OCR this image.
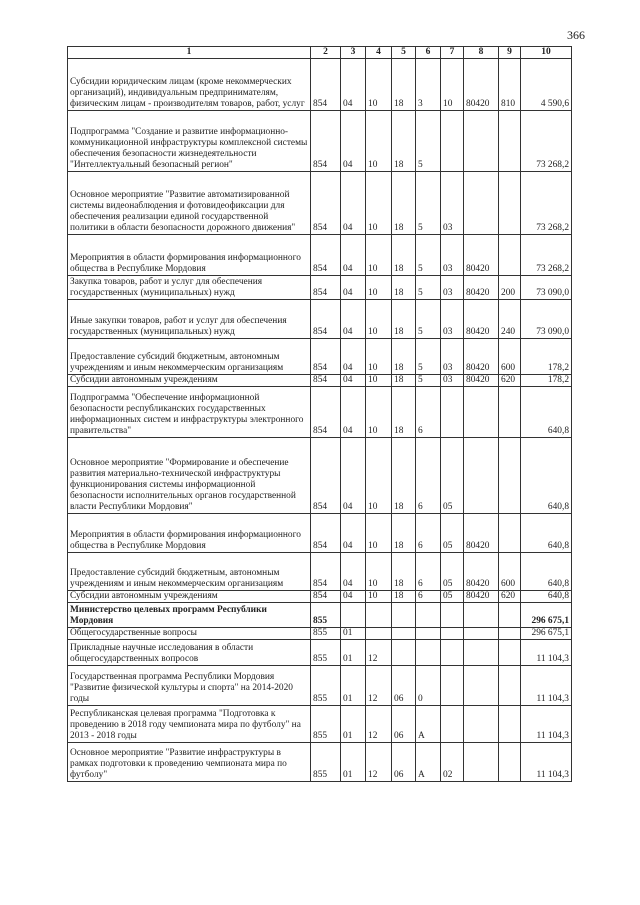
366
1	2	3	4	5	6	7	8	9	10
Субсидии юридическим лицам (кроме некоммерческих организаций), индивидуальным предпринимателям, физическим лицам - производителям товаров, работ, услуг	854	04	10	18	3	10	80420	810	4 590,6
Подпрограмма "Создание и развитие информационно-коммуникационной инфраструктуры комплексной системы обеспечения безопасности жизнедеятельности "Интеллектуальный безопасный регион"	854	04	10	18	5				73 268,2
Основное мероприятие "Развитие автоматизированной системы видеонаблюдения и фотовидеофиксации для обеспечения реализации единой государственной политики в области безопасности дорожного движения"	854	04	10	18	5	03			73 268,2
Мероприятия в области формирования информационного общества в Республике Мордовия	854	04	10	18	5	03	80420		73 268,2
Закупка товаров, работ и услуг для обеспечения государственных (муниципальных) нужд	854	04	10	18	5	03	80420	200	73 090,0
Иные закупки товаров, работ и услуг для обеспечения государственных (муниципальных) нужд	854	04	10	18	5	03	80420	240	73 090,0
Предоставление субсидий бюджетным, автономным учреждениям и иным некоммерческим организациям	854	04	10	18	5	03	80420	600	178,2
Субсидии автономным учреждениям	854	04	10	18	5	03	80420	620	178,2
Подпрограмма "Обеспечение информационной безопасности республиканских государственных информационных систем и инфраструктуры электронного правительства"	854	04	10	18	6				640,8
Основное мероприятие "Формирование и обеспечение развития материально-технической инфраструктуры функционирования системы информационной безопасности исполнительных органов государственной власти Республики Мордовия"	854	04	10	18	6	05			640,8
Мероприятия в области формирования информационного общества в Республике Мордовия	854	04	10	18	6	05	80420		640,8
Предоставление субсидий бюджетным, автономным учреждениям и иным некоммерческим организациям	854	04	10	18	6	05	80420	600	640,8
Субсидии автономным учреждениям	854	04	10	18	6	05	80420	620	640,8
Министерство целевых программ Республики Мордовия	855								296 675,1
Общегосударственные вопросы	855	01							296 675,1
Прикладные научные исследования в области общегосударственных вопросов	855	01	12						11 104,3
Государственная программа Республики Мордовия "Развитие физической культуры и спорта" на 2014-2020 годы	855	01	12	06	0				11 104,3
Республиканская целевая программа "Подготовка к проведению в 2018 году чемпионата мира по футболу" на 2013 - 2018 годы	855	01	12	06	А				11 104,3
Основное мероприятие "Развитие инфраструктуры в рамках подготовки к проведению чемпионата мира по футболу"	855	01	12	06	А	02			11 104,3
